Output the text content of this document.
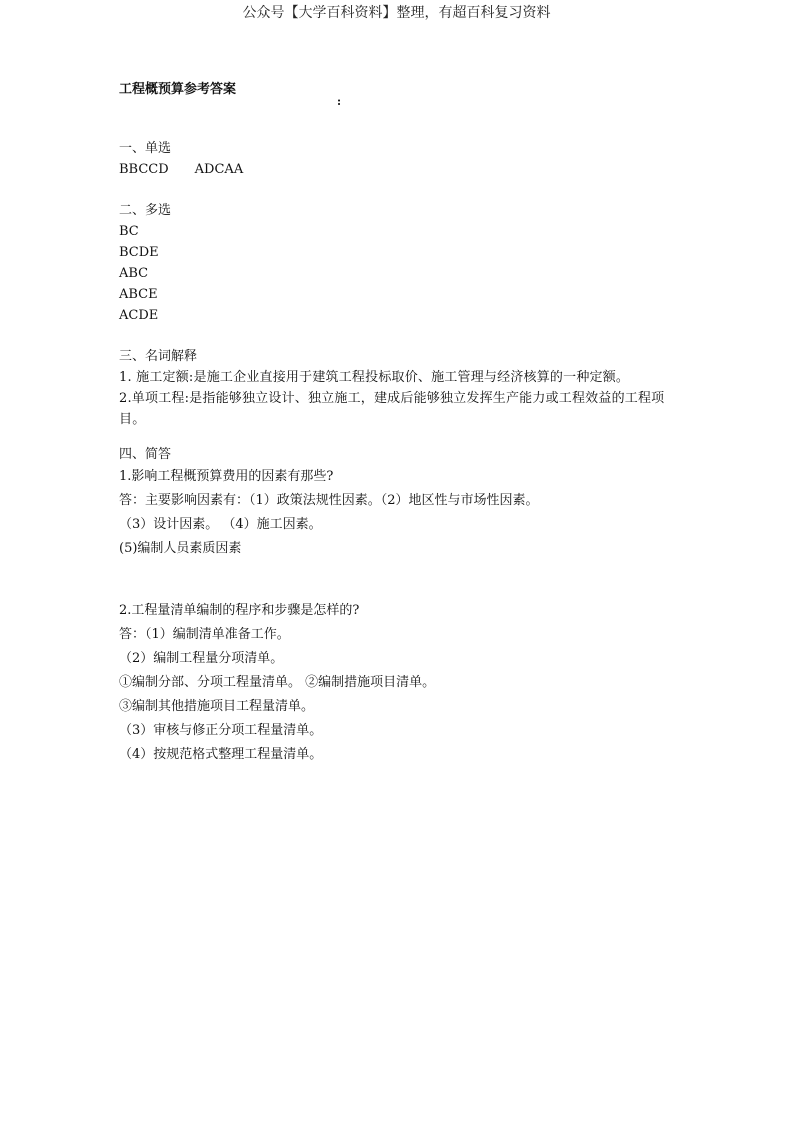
公众号【大学百科资料】整理，有超百科复习资料
:

工程概预算参考答案

一、单选

BBCCD ADCAA

二、多选

BC

BCDE

ABC

ABCE

ACDE

三、名词解释

1. 施工定额:是施工企业直接用于建筑工程投标取价、施工管理与经济核算的一种定额。

2.单项工程:是指能够独立设计、独立施工，建成后能够独立发挥生产能力或工程效益的工程项目。

四、简答

1.影响工程概预算费用的因素有那些?

答：主要影响因素有：（1）政策法规性因素。（2）地区性与市场性因素。

（3）设计因素。 （4）施工因素。

(5)编制人员素质因素

2.工程量清单编制的程序和步骤是怎样的?

答：（1）编制清单准备工作。

（2）编制工程量分项清单。

①编制分部、分项工程量清单。 ②编制措施项目清单。

③编制其他措施项目工程量清单。

（3）审核与修正分项工程量清单。

（4）按规范格式整理工程量清单。
